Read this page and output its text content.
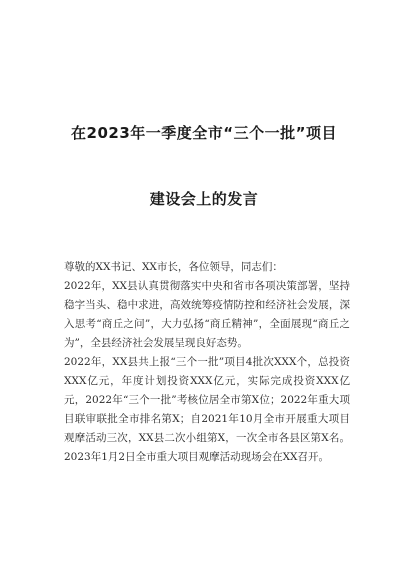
在2023年一季度全市“三个一批”项目
建设会上的发言

尊敬的XX书记、XX市长，各位领导，同志们：

2022年，XX县认真贯彻落实中央和省市各项决策部署，坚持稳字当头、稳中求进，高效统筹疫情防控和经济社会发展，深入思考“商丘之问”，大力弘扬“商丘精神”，全面展现“商丘之为”，全县经济社会发展呈现良好态势。

2022年，XX县共上报“三个一批”项目4批次XXX个，总投资XXX亿元，年度计划投资XXX亿元，实际完成投资XXX亿元，2022年“三个一批”考核位居全市第X位；2022年重大项目联审联批全市排名第X；自2021年10月全市开展重大项目观摩活动三次，XX县二次小组第X，一次全市各县区第X名。2023年1月2日全市重大项目观摩活动现场会在XX召开。
